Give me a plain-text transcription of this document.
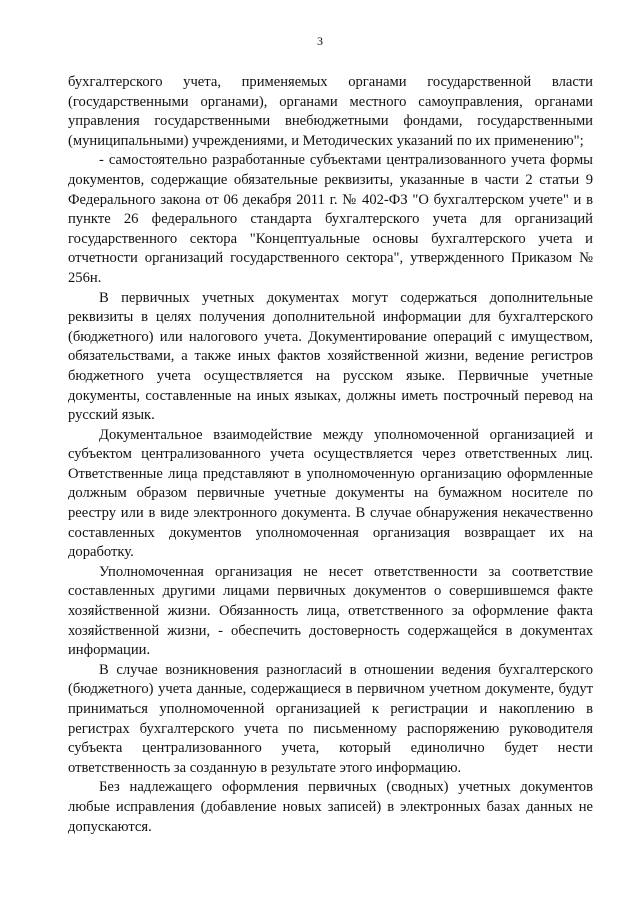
3

бухгалтерского учета, применяемых органами государственной власти (государственными органами), органами местного самоуправления, органами управления государственными внебюджетными фондами, государственными (муниципальными) учреждениями, и Методических указаний по их применению";

- самостоятельно разработанные субъектами централизованного учета формы документов, содержащие обязательные реквизиты, указанные в части 2 статьи 9 Федерального закона от 06 декабря 2011 г. № 402-ФЗ "О бухгалтерском учете" и в пункте 26 федерального стандарта бухгалтерского учета для организаций государственного сектора "Концептуальные основы бухгалтерского учета и отчетности организаций государственного сектора", утвержденного Приказом № 256н.

В первичных учетных документах могут содержаться дополнительные реквизиты в целях получения дополнительной информации для бухгалтерского (бюджетного) или налогового учета. Документирование операций с имуществом, обязательствами, а также иных фактов хозяйственной жизни, ведение регистров бюджетного учета осуществляется на русском языке. Первичные учетные документы, составленные на иных языках, должны иметь построчный перевод на русский язык.

Документальное взаимодействие между уполномоченной организацией и субъектом централизованного учета осуществляется через ответственных лиц. Ответственные лица представляют в уполномоченную организацию оформленные должным образом первичные учетные документы на бумажном носителе по реестру или в виде электронного документа. В случае обнаружения некачественно составленных документов уполномоченная организация возвращает их на доработку.

Уполномоченная организация не несет ответственности за соответствие составленных другими лицами первичных документов о совершившемся факте хозяйственной жизни. Обязанность лица, ответственного за оформление факта хозяйственной жизни, - обеспечить достоверность содержащейся в документах информации.

В случае возникновения разногласий в отношении ведения бухгалтерского (бюджетного) учета данные, содержащиеся в первичном учетном документе, будут приниматься уполномоченной организацией к регистрации и накоплению в регистрах бухгалтерского учета по письменному распоряжению руководителя субъекта централизованного учета, который единолично будет нести ответственность за созданную в результате этого информацию.

Без надлежащего оформления первичных (сводных) учетных документов любые исправления (добавление новых записей) в электронных базах данных не допускаются.
